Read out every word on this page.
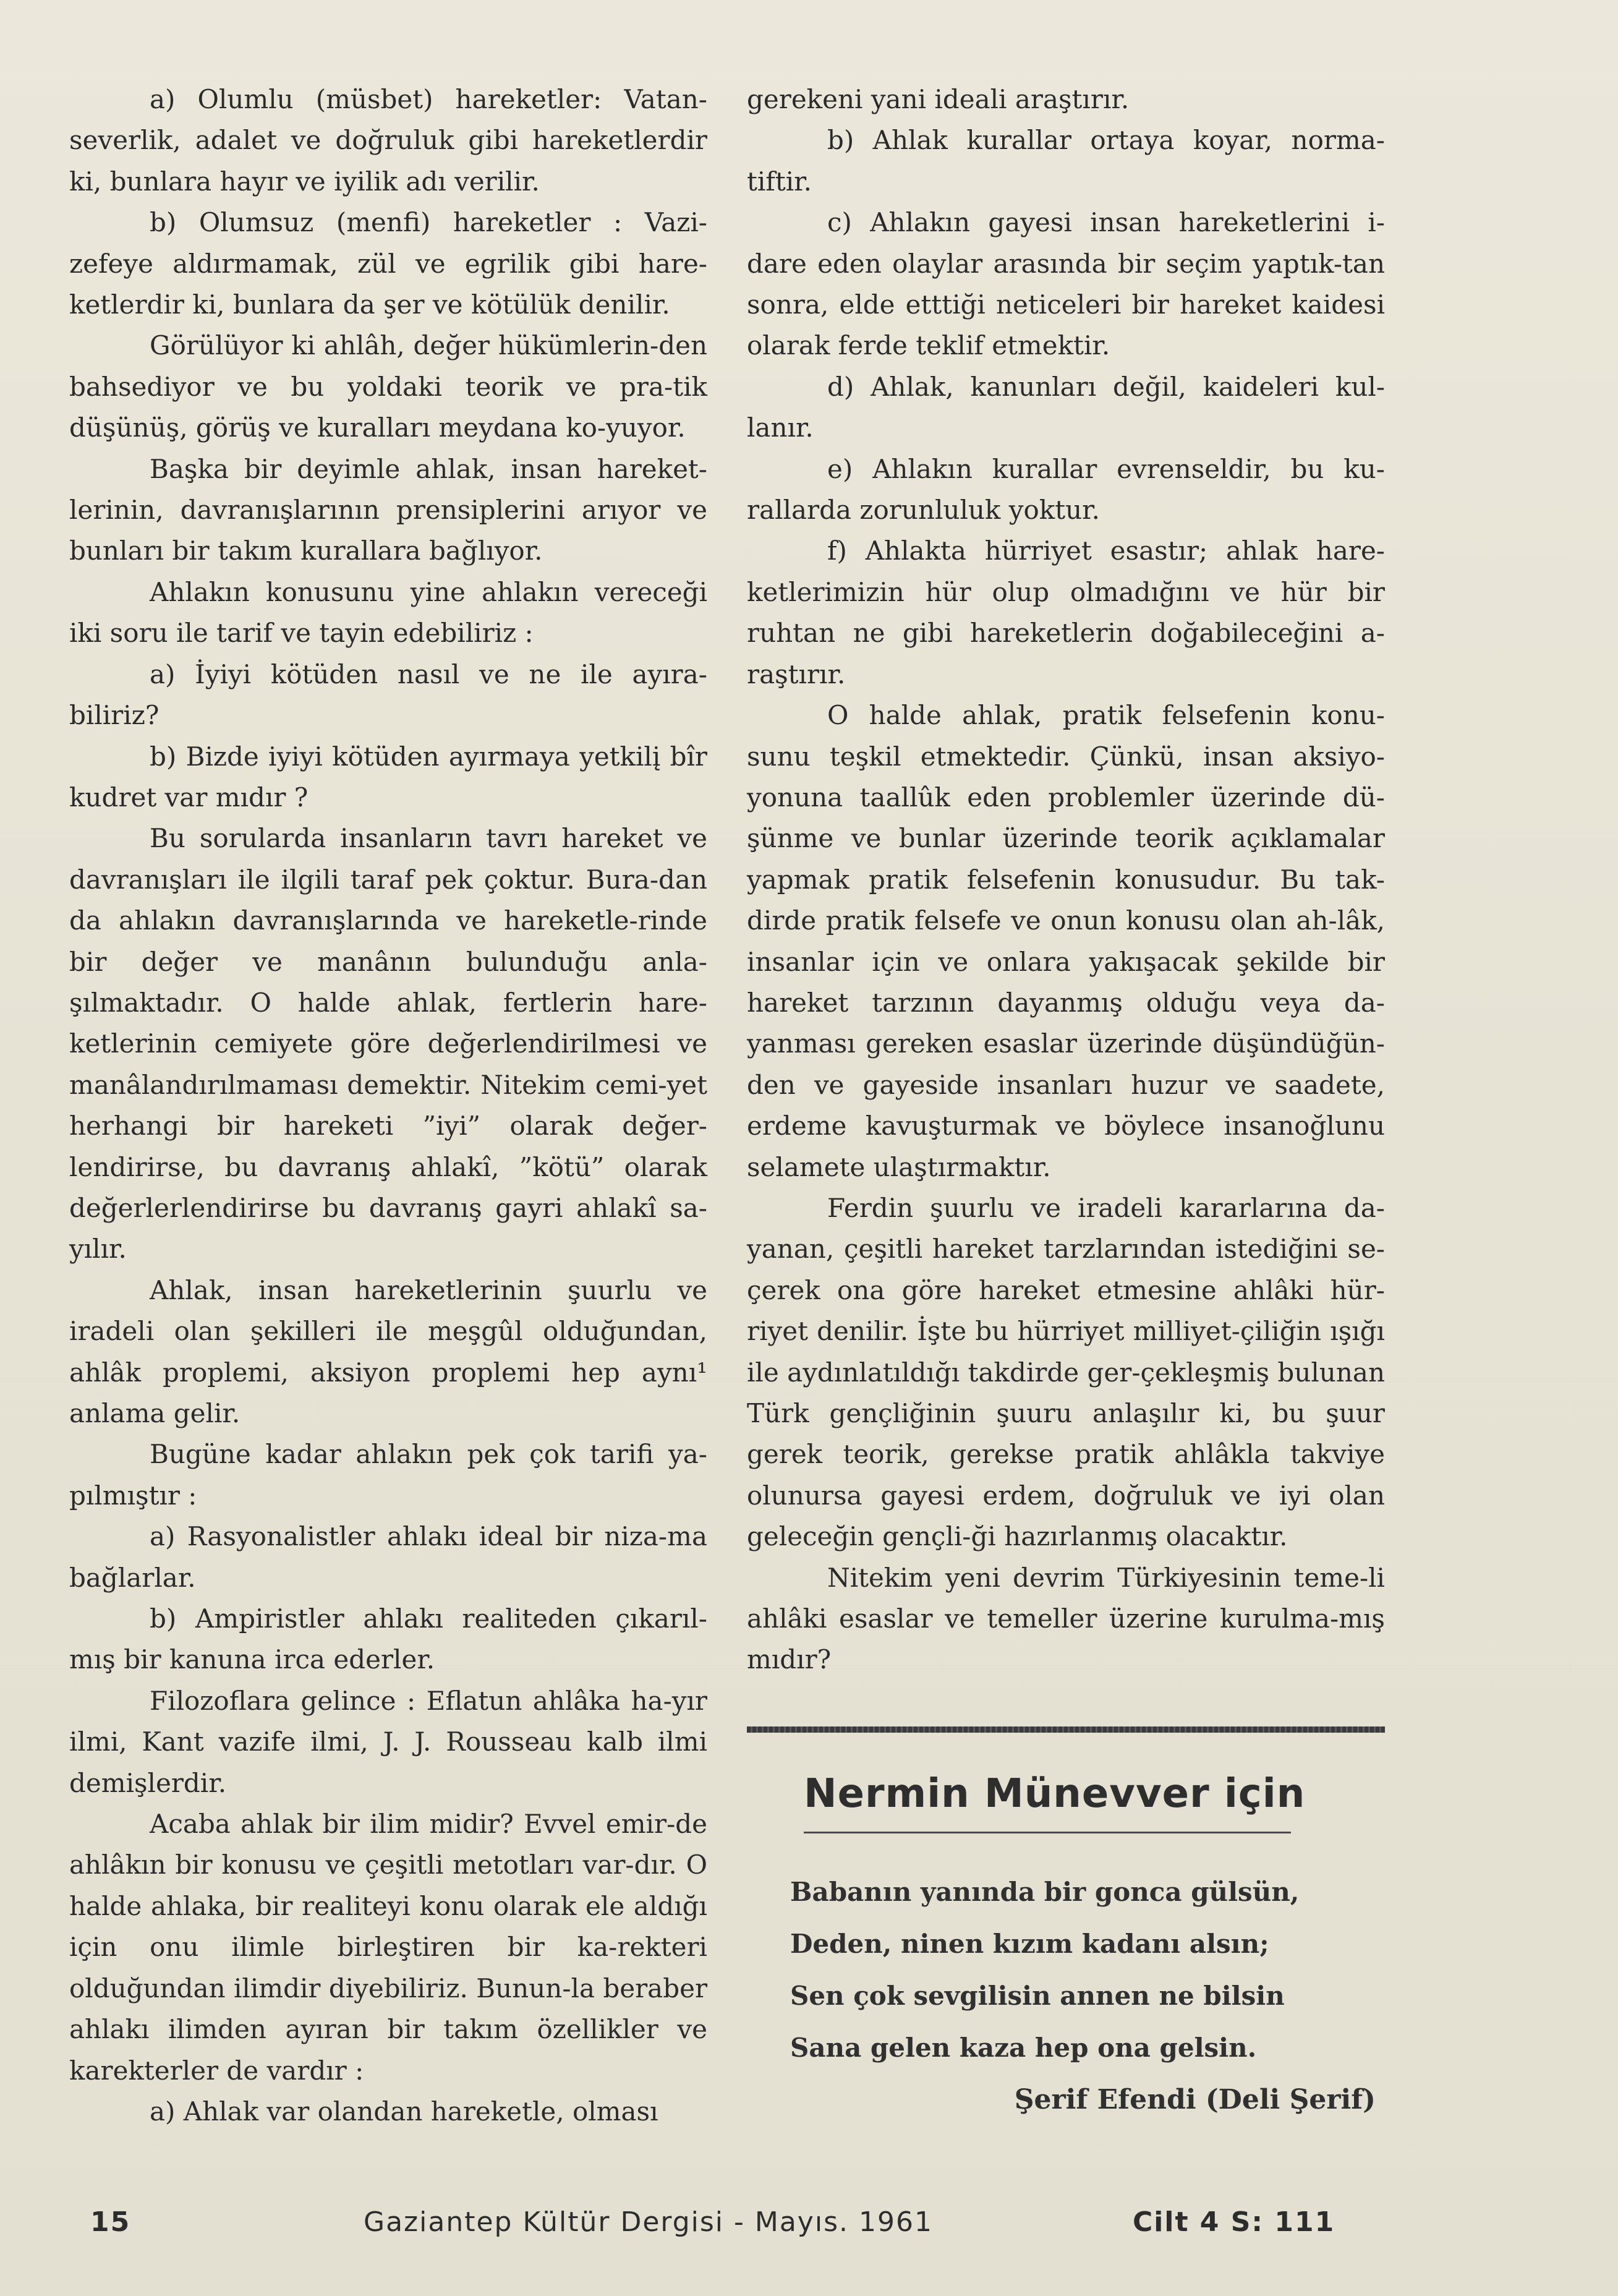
a) Olumlu (müsbet) hareketler: Vatan-severlik, adalet ve doğruluk gibi hareketlerdir ki, bunlara hayır ve iyilik adı verilir.

b) Olumsuz (menfi) hareketler : Vazi-zefeye aldırmamak, zül ve egrilik gibi hare-ketlerdir ki, bunlara da şer ve kötülük denilir.

Görülüyor ki ahlâh, değer hükümlerin-den bahsediyor ve bu yoldaki teorik ve pra-tik düşünüş, görüş ve kuralları meydana ko-yuyor.

Başka bir deyimle ahlak, insan hareket-lerinin, davranışlarının prensiplerini arıyor ve bunları bir takım kurallara bağlıyor.

Ahlakın konusunu yine ahlakın vereceği iki soru ile tarif ve tayin edebiliriz :

a) İyiyi kötüden nasıl ve ne ile ayıra-biliriz?

b) Bizde iyiyi kötüden ayırmaya yetkilį bîr kudret var mıdır ?

Bu sorularda insanların tavrı hareket ve davranışları ile ilgili taraf pek çoktur. Bura-dan da ahlakın davranışlarında ve hareketle-rinde bir değer ve manânın bulunduğu anla-şılmaktadır. O halde ahlak, fertlerin hare-ketlerinin cemiyete göre değerlendirilmesi ve manâlandırılmaması demektir. Nitekim cemi-yet herhangi bir hareketi ”iyi” olarak değer-lendirirse, bu davranış ahlakî, ”kötü” olarak değerlerlendirirse bu davranış gayri ahlakî sa-yılır.

Ahlak, insan hareketlerinin şuurlu ve iradeli olan şekilleri ile meşgûl olduğundan, ahlâk proplemi, aksiyon proplemi hep aynı¹ anlama gelir.

Bugüne kadar ahlakın pek çok tarifi ya-pılmıştır :

a) Rasyonalistler ahlakı ideal bir niza-ma bağlarlar.

b) Ampiristler ahlakı realiteden çıkarıl-mış bir kanuna irca ederler.

Filozoflara gelince : Eflatun ahlâka ha-yır ilmi, Kant vazife ilmi, J. J. Rousseau kalb ilmi demişlerdir.

Acaba ahlak bir ilim midir? Evvel emir-de ahlâkın bir konusu ve çeşitli metotları var-dır. O halde ahlaka, bir realiteyi konu olarak ele aldığı için onu ilimle birleştiren bir ka-rekteri olduğundan ilimdir diyebiliriz. Bunun-la beraber ahlakı ilimden ayıran bir takım özellikler ve karekterler de vardır :

a) Ahlak var olandan hareketle, olması

gerekeni yani ideali araştırır.

b) Ahlak kurallar ortaya koyar, norma-tiftir.

c) Ahlakın gayesi insan hareketlerini i-dare eden olaylar arasında bir seçim yaptık-tan sonra, elde etttiği neticeleri bir hareket kaidesi olarak ferde teklif etmektir.

d) Ahlak, kanunları değil, kaideleri kul-lanır.

e) Ahlakın kurallar evrenseldir, bu ku-rallarda zorunluluk yoktur.

f) Ahlakta hürriyet esastır; ahlak hare-ketlerimizin hür olup olmadığını ve hür bir ruhtan ne gibi hareketlerin doğabileceğini a-raştırır.

O halde ahlak, pratik felsefenin konu-sunu teşkil etmektedir. Çünkü, insan aksiyo-yonuna taallûk eden problemler üzerinde dü-şünme ve bunlar üzerinde teorik açıklamalar yapmak pratik felsefenin konusudur. Bu tak-dirde pratik felsefe ve onun konusu olan ah-lâk, insanlar için ve onlara yakışacak şekilde bir hareket tarzının dayanmış olduğu veya da-yanması gereken esaslar üzerinde düşündüğün-den ve gayeside insanları huzur ve saadete, erdeme kavuşturmak ve böylece insanoğlunu selamete ulaştırmaktır.

Ferdin şuurlu ve iradeli kararlarına da-yanan, çeşitli hareket tarzlarından istediğini se-çerek ona göre hareket etmesine ahlâki hür-riyet denilir. İşte bu hürriyet milliyet-çiliğin ışığı ile aydınlatıldığı takdirde ger-çekleşmiş bulunan Türk gençliğinin şuuru anlaşılır ki, bu şuur gerek teorik, gerekse pratik ahlâkla takviye olunursa gayesi erdem, doğruluk ve iyi olan geleceğin gençli-ği hazırlanmış olacaktır.

Nitekim yeni devrim Türkiyesinin teme-li ahlâki esaslar ve temeller üzerine kurulma-mış mıdır?

Nermin Münevver için
Babanın yanında bir gonca gülsün,
Deden, ninen kızım kadanı alsın;
Sen çok sevgilisin annen ne bilsin
Sana gelen kaza hep ona gelsin.
Şerif Efendi (Deli Şerif)
15	Gaziantep Kültür Dergisi - Mayıs. 1961	Cilt 4 S: 111
